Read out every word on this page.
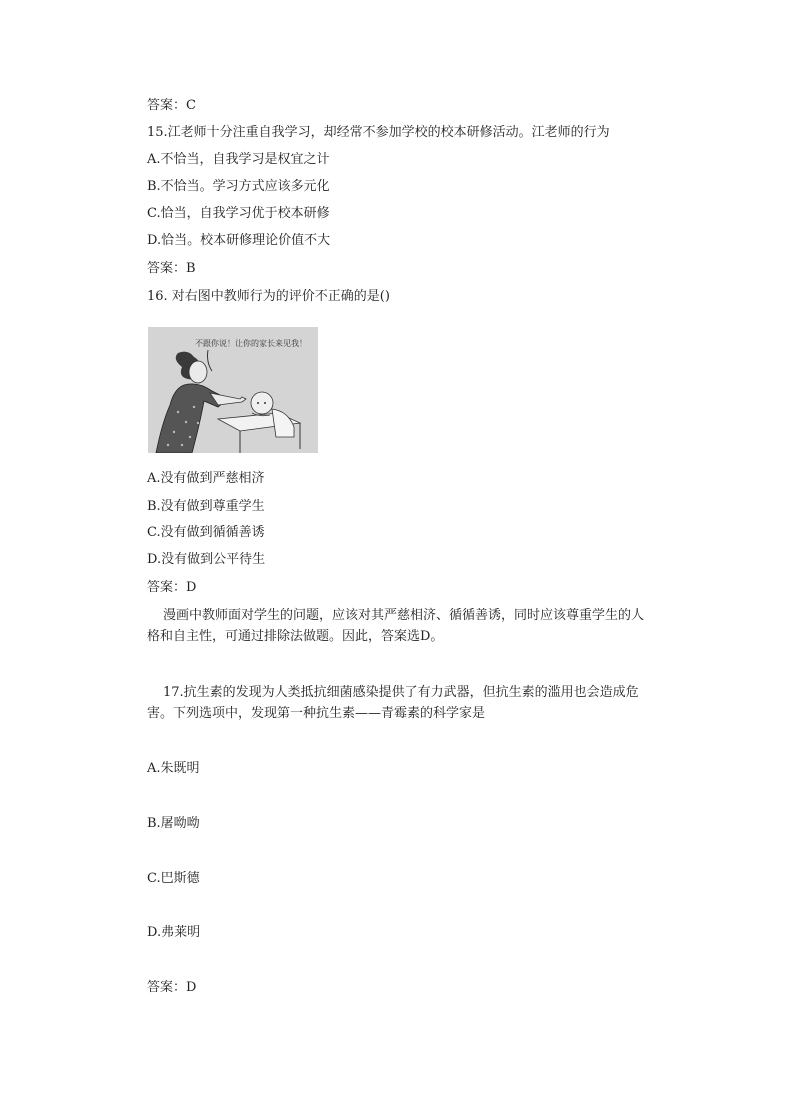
答案：C
15.江老师十分注重自我学习，却经常不参加学校的校本研修活动。江老师的行为
A.不恰当，自我学习是权宜之计
B.不恰当。学习方式应该多元化
C.恰当，自我学习优于校本研修
D.恰当。校本研修理论价值不大
答案：B
16. 对右图中教师行为的评价不正确的是()
不跟你说！让你的家长来见我！
A.没有做到严慈相济
B.没有做到尊重学生
C.没有做到循循善诱
D.没有做到公平待生
答案：D
漫画中教师面对学生的问题，应该对其严慈相济、循循善诱，同时应该尊重学生的人
格和自主性，可通过排除法做题。因此，答案选D。
17.抗生素的发现为人类抵抗细菌感染提供了有力武器，但抗生素的滥用也会造成危
害。下列选项中，发现第一种抗生素——青霉素的科学家是
A.朱既明
B.屠呦呦
C.巴斯德
D.弗莱明
答案：D
